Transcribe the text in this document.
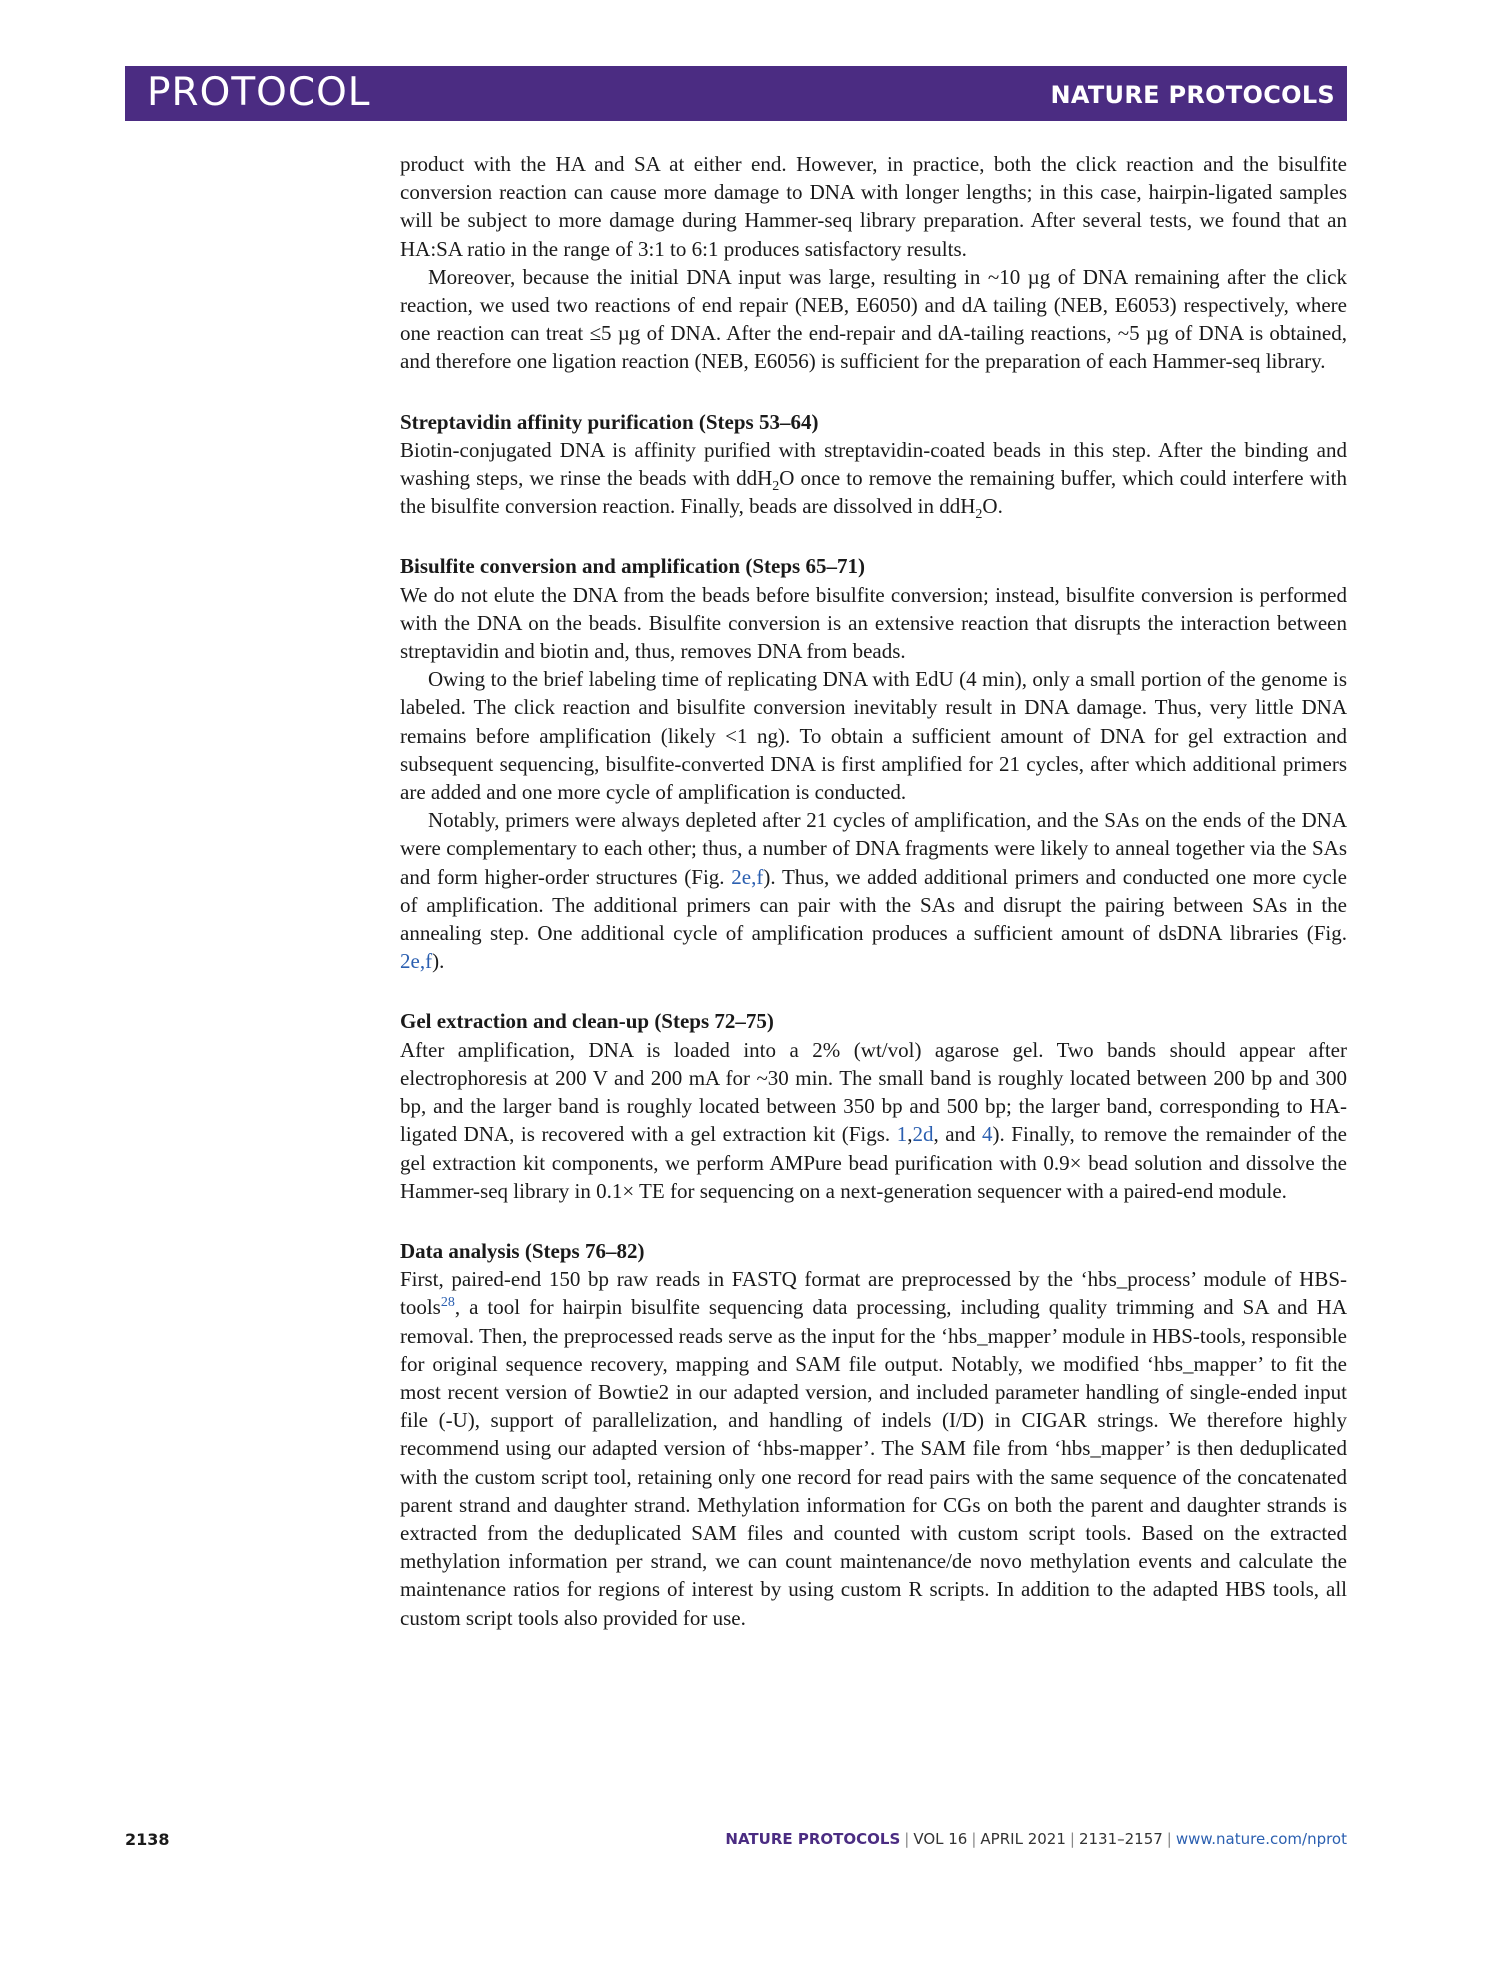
PROTOCOL	NATURE PROTOCOLS

product with the HA and SA at either end. However, in practice, both the click reaction and the bisulfite conversion reaction can cause more damage to DNA with longer lengths; in this case, hairpin-ligated samples will be subject to more damage during Hammer-seq library preparation. After several tests, we found that an HA:SA ratio in the range of 3:1 to 6:1 produces satisfactory results.

Moreover, because the initial DNA input was large, resulting in ~10 µg of DNA remaining after the click reaction, we used two reactions of end repair (NEB, E6050) and dA tailing (NEB, E6053) respectively, where one reaction can treat ≤5 µg of DNA. After the end-repair and dA-tailing reactions, ~5 µg of DNA is obtained, and therefore one ligation reaction (NEB, E6056) is sufficient for the preparation of each Hammer-seq library.

Streptavidin affinity purification (Steps 53–64)

Biotin-conjugated DNA is affinity purified with streptavidin-coated beads in this step. After the binding and washing steps, we rinse the beads with ddH$_2$O once to remove the remaining buffer, which could interfere with the bisulfite conversion reaction. Finally, beads are dissolved in ddH$_2$O.

Bisulfite conversion and amplification (Steps 65–71)

We do not elute the DNA from the beads before bisulfite conversion; instead, bisulfite conversion is performed with the DNA on the beads. Bisulfite conversion is an extensive reaction that disrupts the interaction between streptavidin and biotin and, thus, removes DNA from beads.

Owing to the brief labeling time of replicating DNA with EdU (4 min), only a small portion of the genome is labeled. The click reaction and bisulfite conversion inevitably result in DNA damage. Thus, very little DNA remains before amplification (likely <1 ng). To obtain a sufficient amount of DNA for gel extraction and subsequent sequencing, bisulfite-converted DNA is first amplified for 21 cycles, after which additional primers are added and one more cycle of amplification is conducted.

Notably, primers were always depleted after 21 cycles of amplification, and the SAs on the ends of the DNA were complementary to each other; thus, a number of DNA fragments were likely to anneal together via the SAs and form higher-order structures (Fig. 2e,f). Thus, we added additional primers and conducted one more cycle of amplification. The additional primers can pair with the SAs and disrupt the pairing between SAs in the annealing step. One additional cycle of amplification produces a sufficient amount of dsDNA libraries (Fig. 2e,f).

Gel extraction and clean-up (Steps 72–75)

After amplification, DNA is loaded into a 2% (wt/vol) agarose gel. Two bands should appear after electrophoresis at 200 V and 200 mA for ~30 min. The small band is roughly located between 200 bp and 300 bp, and the larger band is roughly located between 350 bp and 500 bp; the larger band, corresponding to HA-ligated DNA, is recovered with a gel extraction kit (Figs. 1,2d, and 4). Finally, to remove the remainder of the gel extraction kit components, we perform AMPure bead purification with 0.9× bead solution and dissolve the Hammer-seq library in 0.1× TE for sequencing on a next-generation sequencer with a paired-end module.

Data analysis (Steps 76–82)

First, paired-end 150 bp raw reads in FASTQ format are preprocessed by the ‘hbs_process’ module of HBS-tools$^{28}$, a tool for hairpin bisulfite sequencing data processing, including quality trimming and SA and HA removal. Then, the preprocessed reads serve as the input for the ‘hbs_mapper’ module in HBS-tools, responsible for original sequence recovery, mapping and SAM file output. Notably, we modified ‘hbs_mapper’ to fit the most recent version of Bowtie2 in our adapted version, and included parameter handling of single-ended input file (-U), support of parallelization, and handling of indels (I/D) in CIGAR strings. We therefore highly recommend using our adapted version of ‘hbs-mapper’. The SAM file from ‘hbs_mapper’ is then deduplicated with the custom script tool, retaining only one record for read pairs with the same sequence of the concatenated parent strand and daughter strand. Methylation information for CGs on both the parent and daughter strands is extracted from the deduplicated SAM files and counted with custom script tools. Based on the extracted methylation information per strand, we can count maintenance/de novo methylation events and calculate the maintenance ratios for regions of interest by using custom R scripts. In addition to the adapted HBS tools, all custom script tools also provided for use.

2138	NATURE PROTOCOLS | VOL 16 | APRIL 2021 | 2131–2157 | www.nature.com/nprot
